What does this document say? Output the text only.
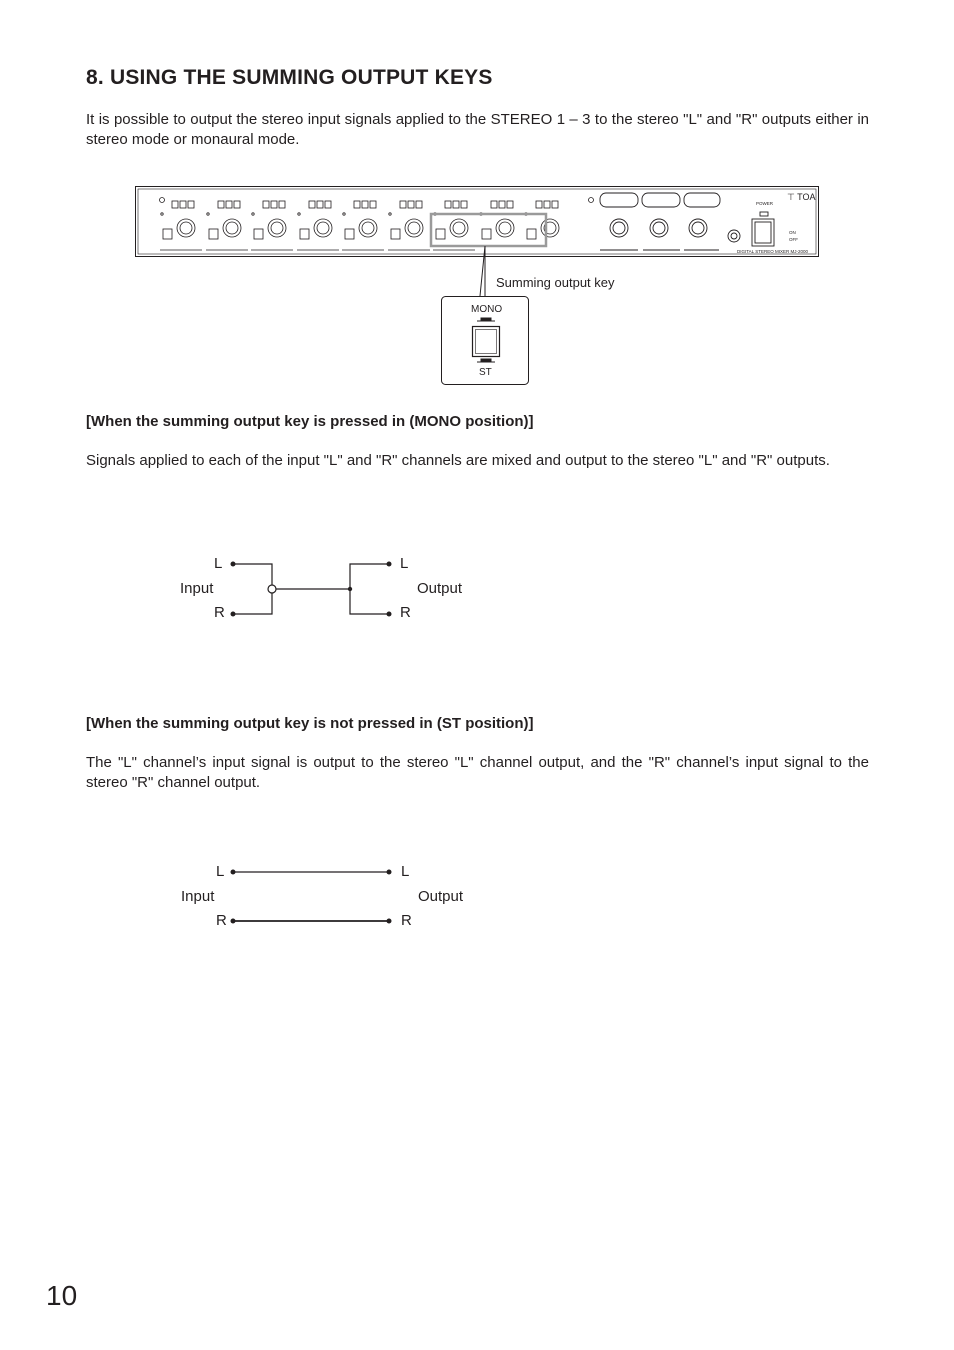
8. USING THE SUMMING OUTPUT KEYS
It is possible to output the stereo input signals applied to the STEREO 1 – 3 to the stereo "L" and "R" outputs either in stereo mode or monaural mode.
⊤ TOA
POWER
ON
OFF
DIGITAL STEREO MIXER MJ-2000
Summing output key
MONO
ST
[When the summing output key is pressed in (MONO position)]
Signals applied to each of the input "L" and "R" channels are mixed and output to the stereo "L" and "R" outputs.
L
R
Input
L
R
Output
[When the summing output key is not pressed in (ST position)]
The "L" channel’s input signal is output to the stereo "L" channel output, and the "R" channel’s input signal to the stereo "R" channel output.
L
R
Input
L
R
Output
10
